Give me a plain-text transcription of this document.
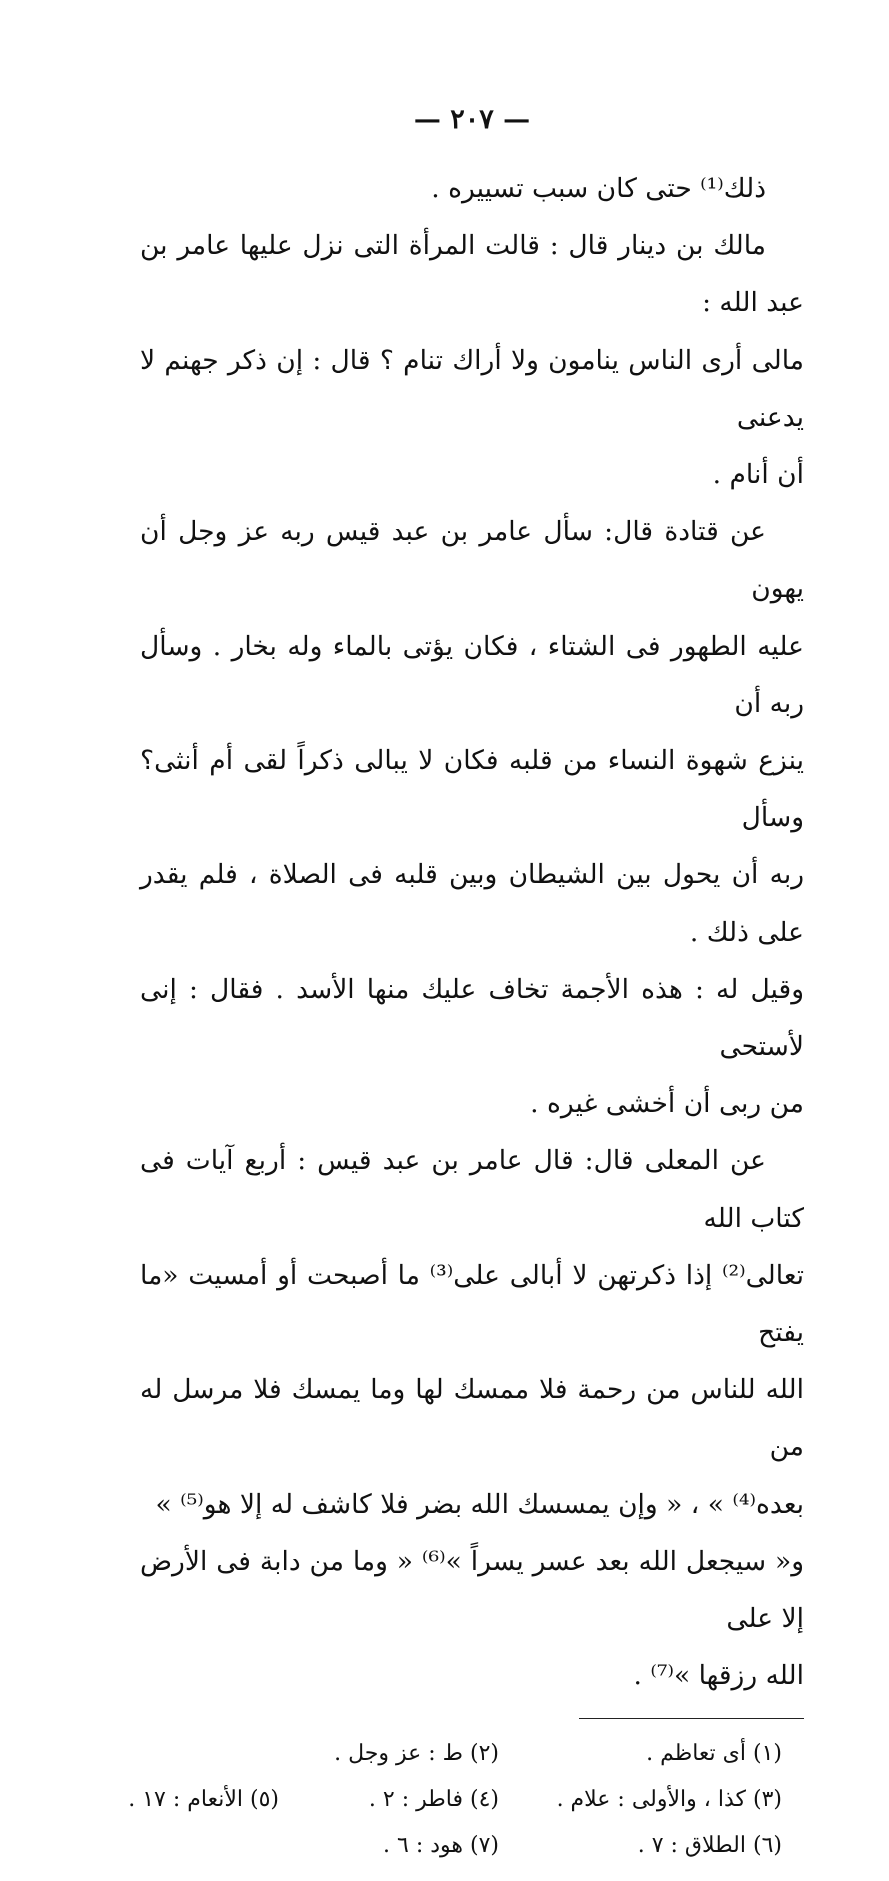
— ٢٠٧ —

ذلك⁽¹⁾ حتى كان سبب تسييره .

مالك بن دينار قال : قالت المرأة التى نزل عليها عامر بن عبد الله :

مالى أرى الناس ينامون ولا أراك تنام ؟ قال : إن ذكر جهنم لا يدعنى

أن أنام .

عن قتادة قال: سأل عامر بن عبد قيس ربه عز وجل أن يهون

عليه الطهور فى الشتاء ، فكان يؤتى بالماء وله بخار . وسأل ربه أن

ينزع شهوة النساء من قلبه فكان لا يبالى ذكراً لقى أم أنثى؟ وسأل

ربه أن يحول بين الشيطان وبين قلبه فى الصلاة ، فلم يقدر على ذلك .

وقيل له : هذه الأجمة تخاف عليك منها الأسد . فقال : إنى لأستحى

من ربى أن أخشى غيره .

عن المعلى قال: قال عامر بن عبد قيس : أربع آيات فى كتاب الله

تعالى⁽²⁾ إذا ذكرتهن لا أبالى على⁽³⁾ ما أصبحت أو أمسيت «ما يفتح

الله للناس من رحمة فلا ممسك لها وما يمسك فلا مرسل له من

بعده⁽⁴⁾ » ، « وإن يمسسك الله بضر فلا كاشف له إلا هو⁽⁵⁾ »

و« سيجعل الله بعد عسر يسراً »⁽⁶⁾ « وما من دابة فى الأرض إلا على

الله رزقها »⁽⁷⁾ .

(١) أى تعاظم .
(٢) ط : عز وجل .
(٣) كذا ، والأولى : علام .
(٤) فاطر : ٢ .
(٥) الأنعام : ١٧ .
(٦) الطلاق : ٧ .
(٧) هود : ٦ .
